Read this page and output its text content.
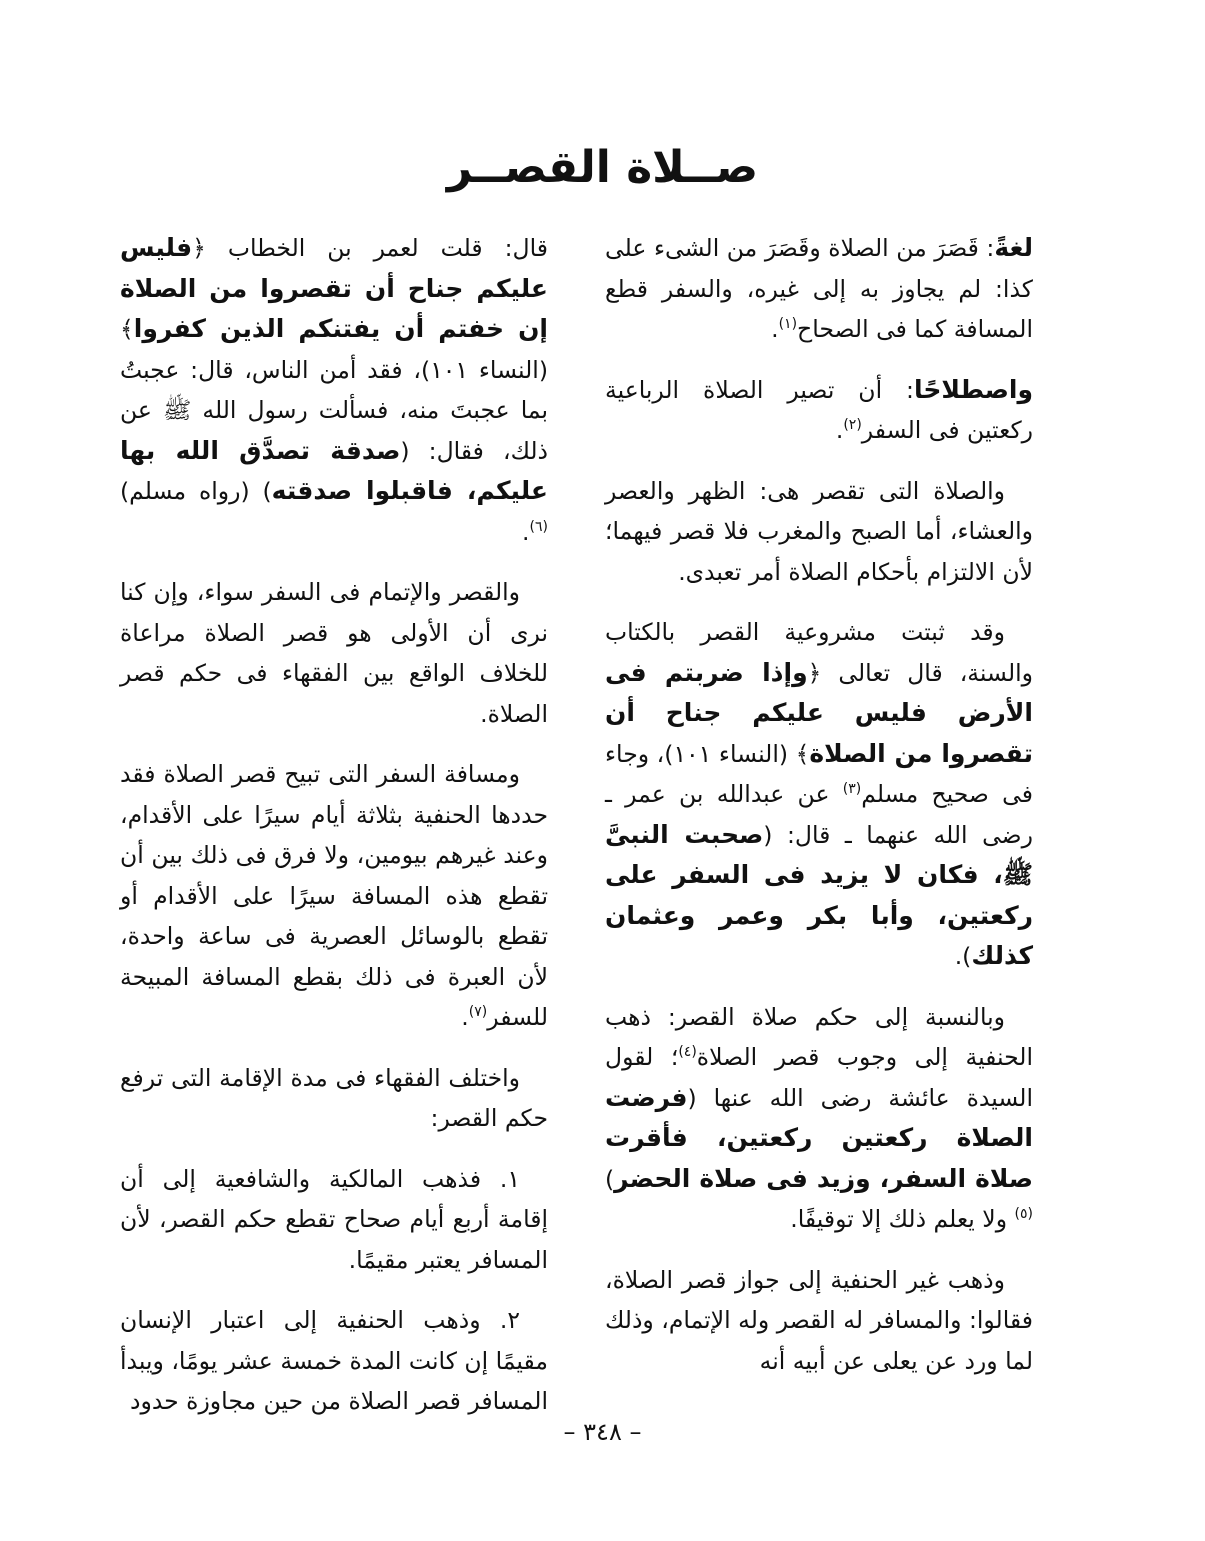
صــلاة القصــر

لغةً: قَصَرَ من الصلاة وقَصَرَ من الشىء على كذا: لم يجاوز به إلى غيره، والسفر قطع المسافة كما فى الصحاح$^{(١)}$.

واصطلاحًا: أن تصير الصلاة الرباعية ركعتين فى السفر$^{(٢)}$.

والصلاة التى تقصر هى: الظهر والعصر والعشاء، أما الصبح والمغرب فلا قصر فيهما؛ لأن الالتزام بأحكام الصلاة أمر تعبدى.

وقد ثبتت مشروعية القصر بالكتاب والسنة، قال تعالى ﴿وإذا ضربتم فى الأرض فليس عليكم جناح أن تقصروا من الصلاة﴾ (النساء ١٠١)، وجاء فى صحيح مسلم$^{(٣)}$ عن عبدالله بن عمر ـ رضى الله عنهما ـ قال: (صحبت النبىَّ ﷺ، فكان لا يزيد فى السفر على ركعتين، وأبا بكر وعمر وعثمان كذلك).

وبالنسبة إلى حكم صلاة القصر: ذهب الحنفية إلى وجوب قصر الصلاة$^{(٤)}$؛ لقول السيدة عائشة رضى الله عنها (فرضت الصلاة ركعتين ركعتين، فأقرت صلاة السفر، وزيد فى صلاة الحضر)$^{(٥)}$ ولا يعلم ذلك إلا توقيفًا.

وذهب غير الحنفية إلى جواز قصر الصلاة، فقالوا: والمسافر له القصر وله الإتمام، وذلك لما ورد عن يعلى عن أبيه أنه

قال: قلت لعمر بن الخطاب ﴿فليس عليكم جناح أن تقصروا من الصلاة إن خفتم أن يفتنكم الذين كفروا﴾ (النساء ١٠١)، فقد أمن الناس، قال: عجبتُ بما عجبتَ منه، فسألت رسول الله ﷺ عن ذلك، فقال: (صدقة تصدَّق الله بها عليكم، فاقبلوا صدقته) (رواه مسلم)$^{(٦)}$.

والقصر والإتمام فى السفر سواء، وإن كنا نرى أن الأولى هو قصر الصلاة مراعاة للخلاف الواقع بين الفقهاء فى حكم قصر الصلاة.

ومسافة السفر التى تبيح قصر الصلاة فقد حددها الحنفية بثلاثة أيام سيرًا على الأقدام، وعند غيرهم بيومين، ولا فرق فى ذلك بين أن تقطع هذه المسافة سيرًا على الأقدام أو تقطع بالوسائل العصرية فى ساعة واحدة، لأن العبرة فى ذلك بقطع المسافة المبيحة للسفر$^{(٧)}$.

واختلف الفقهاء فى مدة الإقامة التى ترفع حكم القصر:

١. فذهب المالكية والشافعية إلى أن إقامة أربع أيام صحاح تقطع حكم القصر، لأن المسافر يعتبر مقيمًا.

٢. وذهب الحنفية إلى اعتبار الإنسان مقيمًا إن كانت المدة خمسة عشر يومًا، ويبدأ المسافر قصر الصلاة من حين مجاوزة حدود

– ٣٤٨ –
